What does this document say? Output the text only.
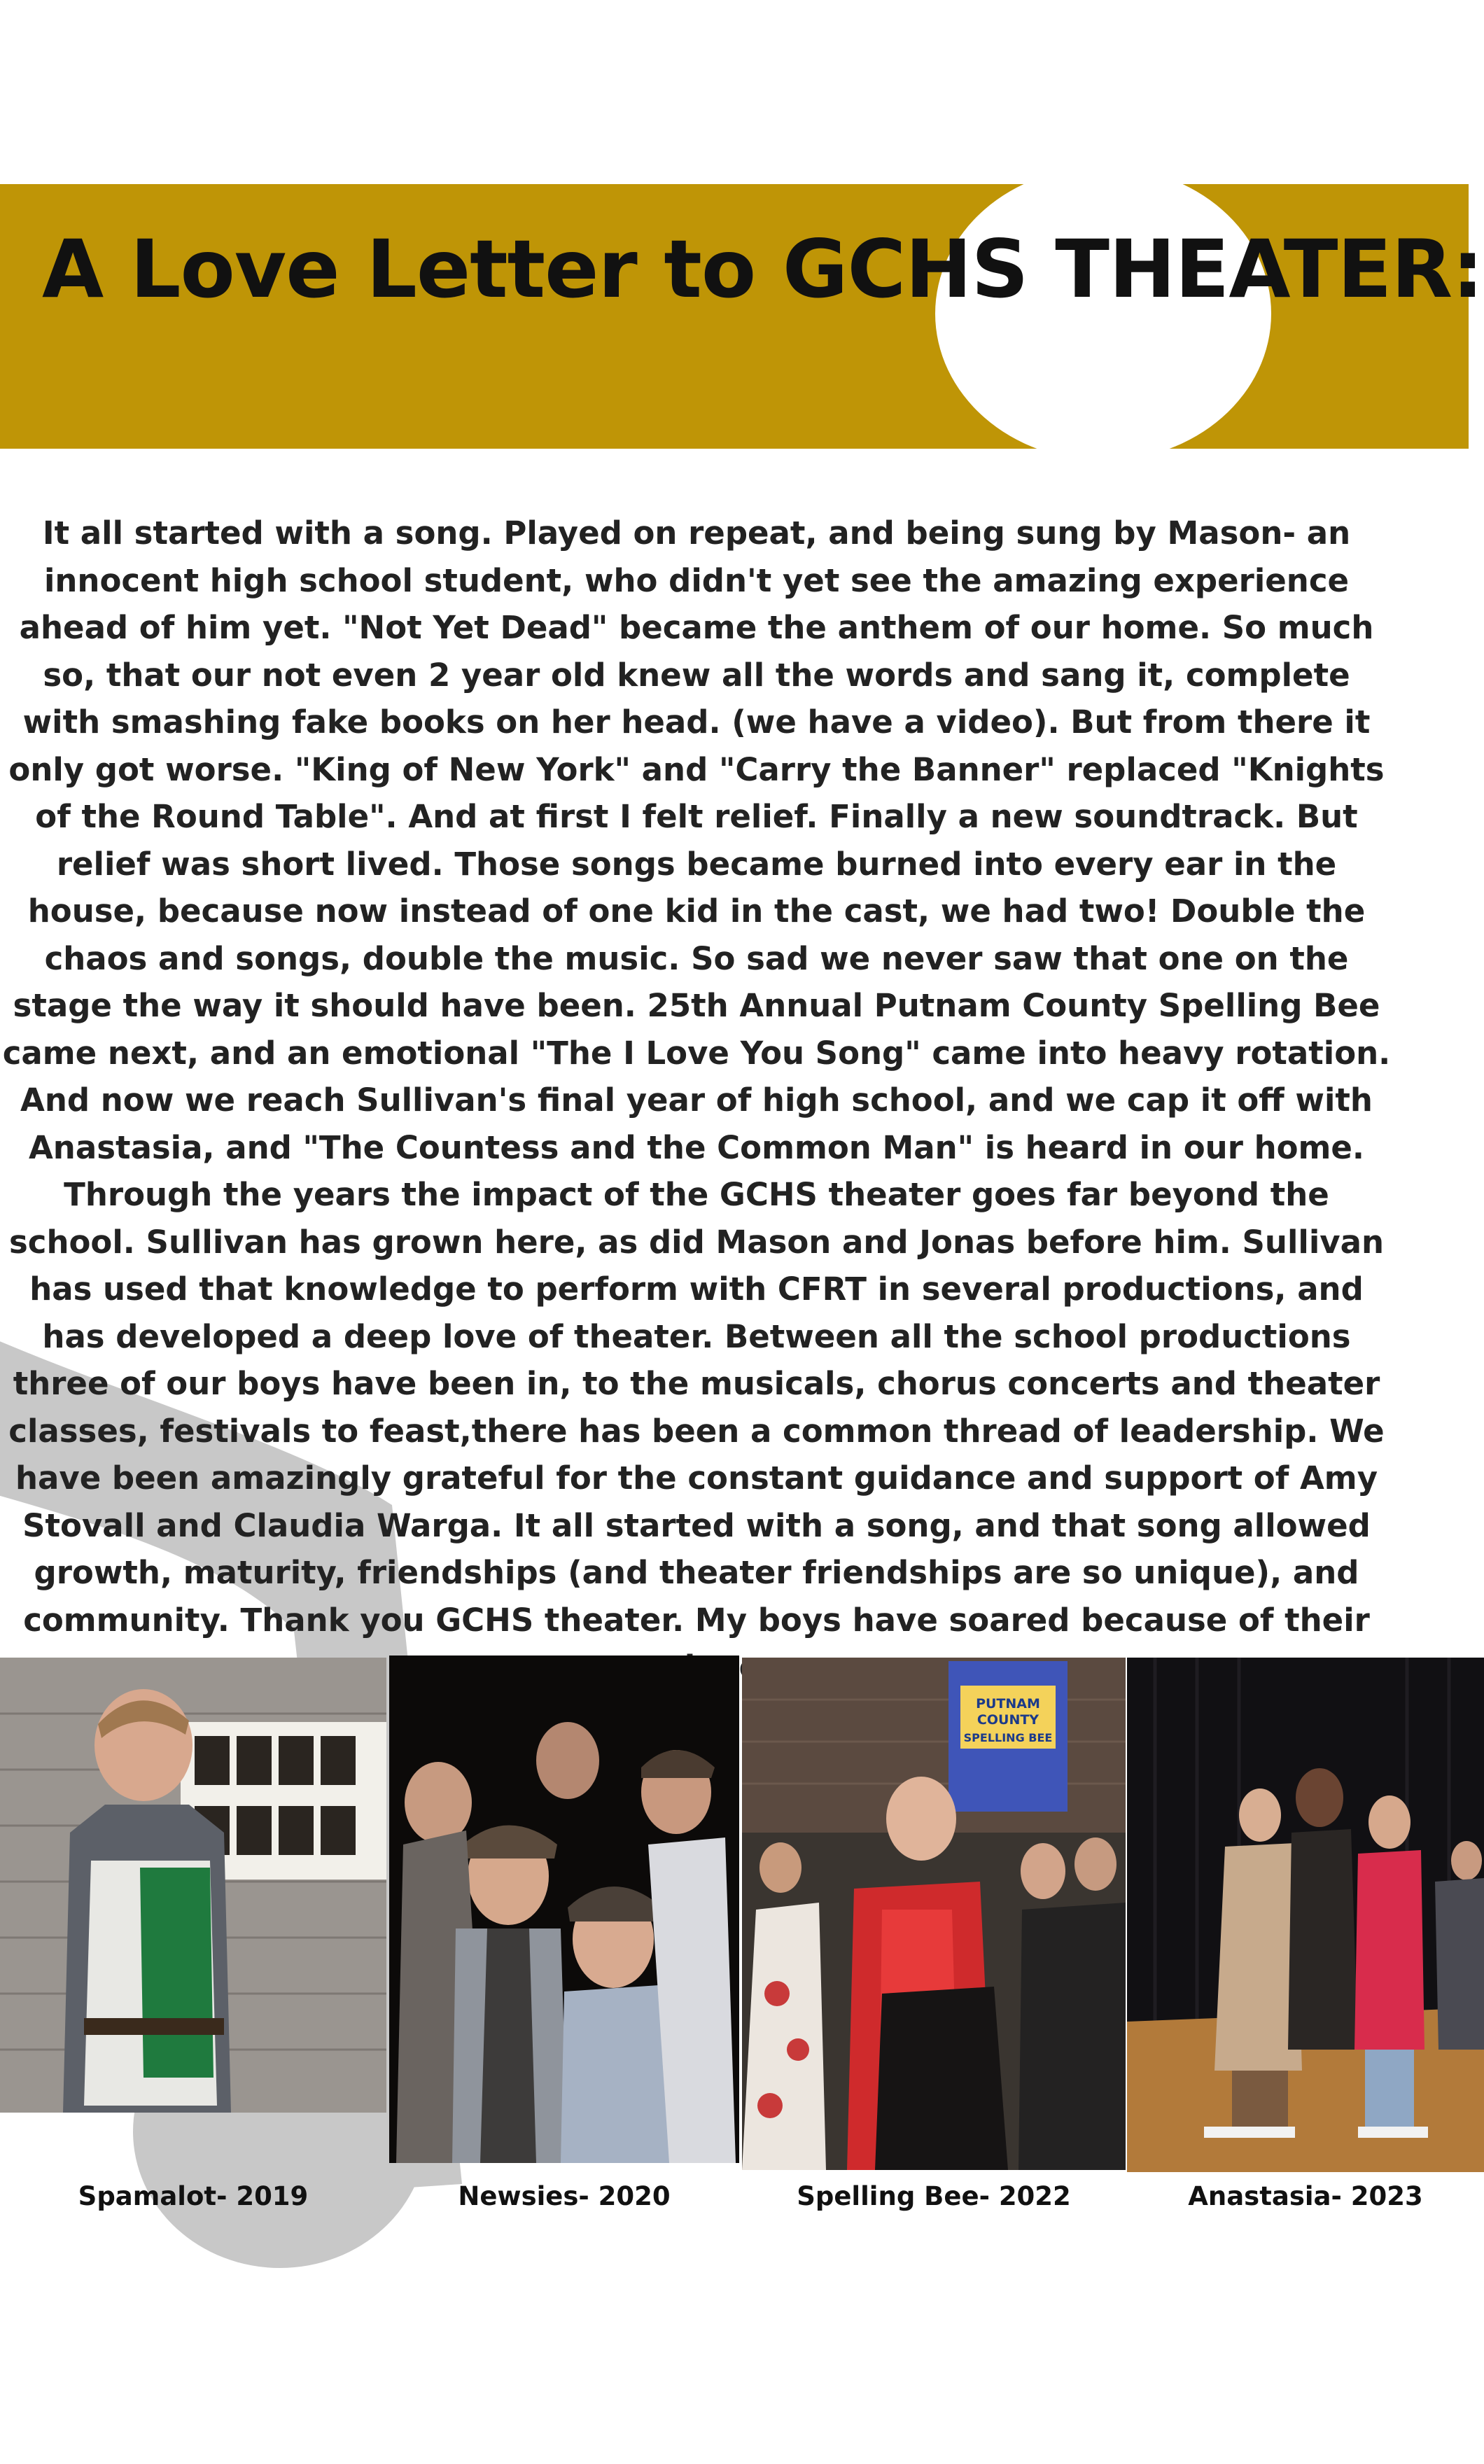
A Love Letter to GCHS THEATER:

It all started with a song. Played on repeat, and being sung by Mason- an innocent high school student, who didn't yet see the amazing experience ahead of him yet. "Not Yet Dead" became the anthem of our home. So much so, that our not even 2 year old knew all the words and sang it, complete with smashing fake books on her head. (we have a video). But from there it only got worse. "King of New York" and "Carry the Banner" replaced "Knights of the Round Table". And at first I felt relief. Finally a new soundtrack. But relief was short lived. Those songs became burned into every ear in the house, because now instead of one kid in the cast, we had two! Double the chaos and songs, double the music. So sad we never saw that one on the stage the way it should have been. 25th Annual Putnam County Spelling Bee came next, and an emotional "The I Love You Song" came into heavy rotation. And now we reach Sullivan's final year of high school, and we cap it off with Anastasia, and "The Countess and the Common Man" is heard in our home. Through the years the impact of the GCHS theater goes far beyond the school. Sullivan has grown here, as did Mason and Jonas before him. Sullivan has used that knowledge to perform with CFRT in several productions, and has developed a deep love of theater. Between all the school productions three of our boys have been in, to the musicals, chorus concerts and theater classes, festivals to feast,there has been a common thread of leadership. We have been amazingly grateful for the constant guidance and support of Amy Stovall and Claudia Warga. It all started with a song, and that song allowed growth, maturity, friendships (and theater friendships are so unique), and community. Thank you GCHS theater. My boys have soared because of their

PUTNAM
COUNTY
SPELLING BEE
Spamalot- 2019	Newsies- 2020	Spelling Bee- 2022	Anastasia- 2023
